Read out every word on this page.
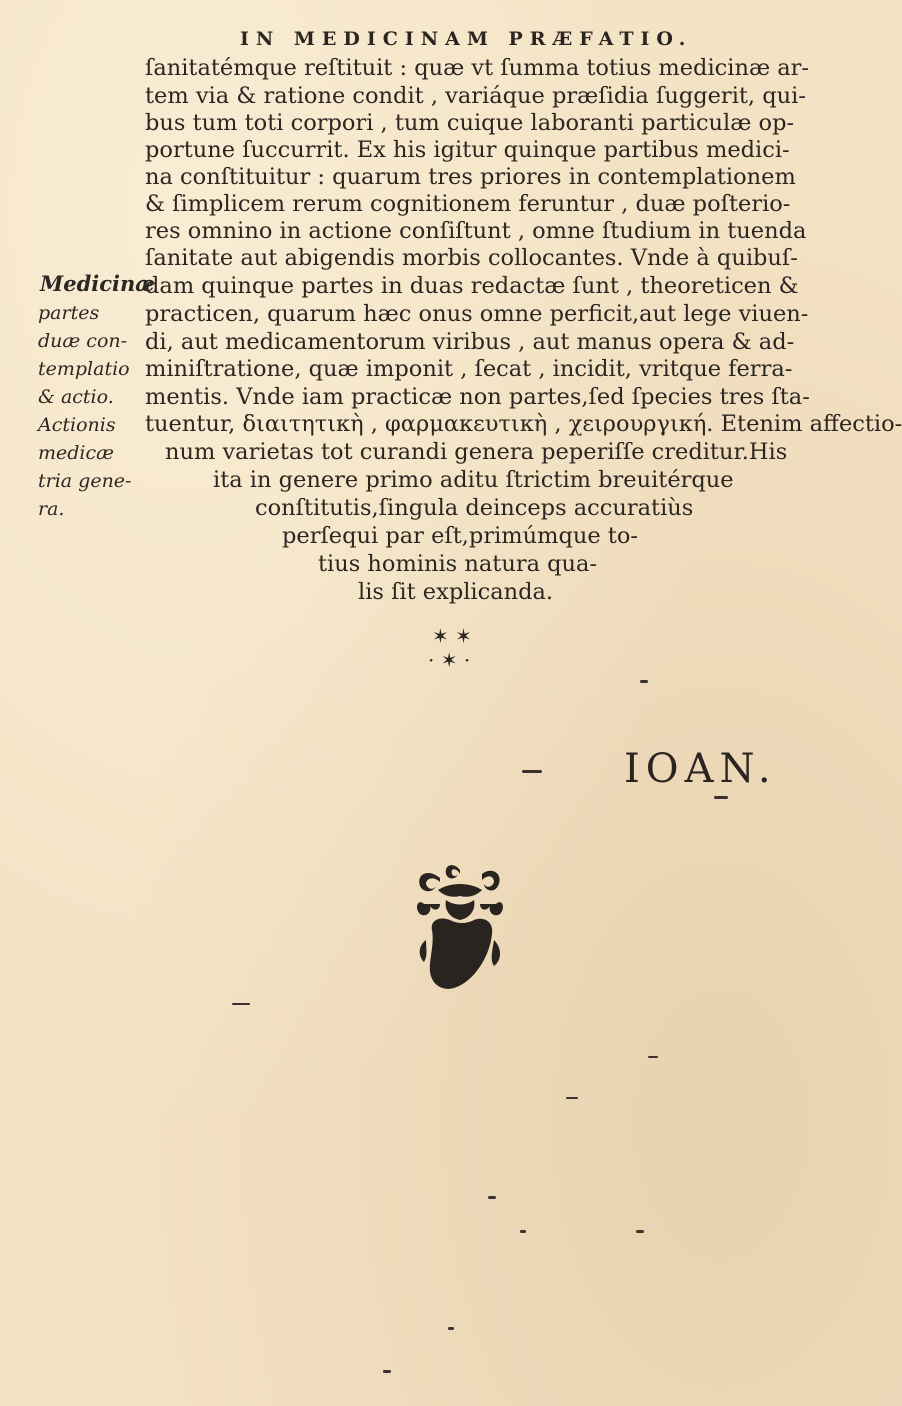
IN MEDICINAM PRÆFATIO.
ſanitatémque reſtituit : quæ vt ſumma totius medicinæ ar-
tem via & ratione condit , variáque præſidia ſuggerit, qui-
bus tum toti corpori , tum cuique laboranti particulæ op-
portune ſuccurrit. Ex his igitur quinque partibus medici-
na conſtituitur : quarum tres priores in contemplationem
& ſimplicem rerum cognitionem feruntur , duæ poſterio-
res omnino in actione conſiſtunt , omne ſtudium in tuenda
ſanitate aut abigendis morbis collocantes. Vnde à quibuſ-
dam quinque partes in duas redactæ ſunt , theoreticen &
practicen, quarum hæc onus omne perficit,aut lege viuen-
di, aut medicamentorum viribus , aut manus opera & ad-
miniſtratione, quæ imponit , ſecat , incidit, vritque ferra-
mentis. Vnde iam practicæ non partes,ſed ſpecies tres ſta-
tuentur, διαιτητικὴ , φαρμακευτικὴ , χειρουργική. Etenim affectio-
num varietas tot curandi genera peperiſſe creditur.His
ita in genere primo aditu ſtrictim breuitérque
conſtitutis,ſingula deinceps accuratiùs
perſequi par eſt,primúmque to-
tius hominis natura qua-
lis ſit explicanda.
Medicinæ
partes
duæ con-
templatio
& actio.
Actionis
medicæ
tria gene-
ra.
✶ ✶
· ✶ ·
IOAN.
